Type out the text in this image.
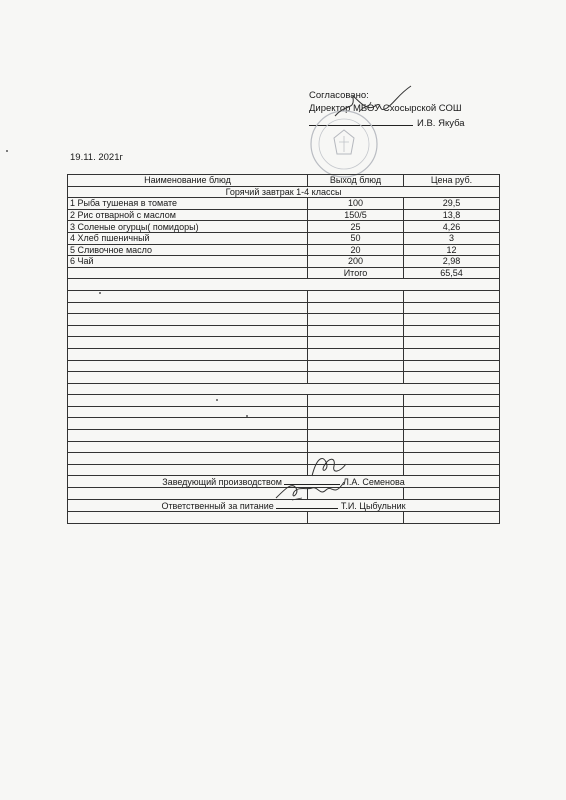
Согласовано:
Директор МБОУ Схосырской СОШ
И.В. Якуба
19.11. 2021г
Наименование блюд	Выход блюд	Цена руб.
Горячий завтрак 1-4 классы		
1 Рыба тушеная в томате	100	29,5
2 Рис отварной с маслом	150/5	13,8
3 Соленые огурцы( помидоры)	25	4,26
4 Хлеб пшеничный	50	3
5 Сливочное масло	20	12
6 Чай	200	2,98
	Итого	65,54

Заведующий производством Л.А. Семенова		

Ответственный за питание Т.И. Цыбульник		
